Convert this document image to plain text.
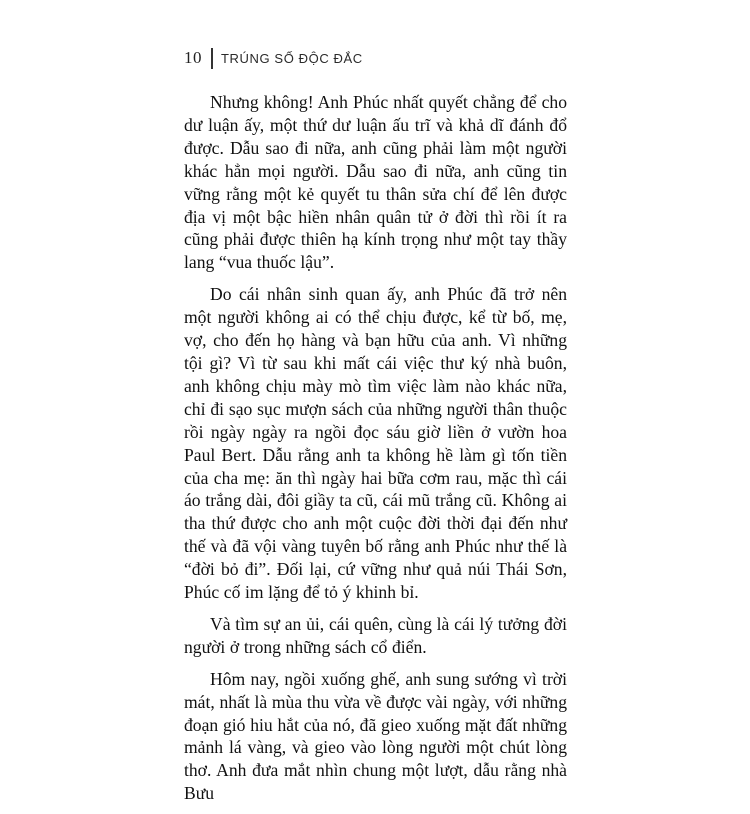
10 TRÚNG SỐ ĐỘC ĐẮC

Nhưng không! Anh Phúc nhất quyết chẳng để cho dư luận ấy, một thứ dư luận ấu trĩ và khả dĩ đánh đổ được. Dẫu sao đi nữa, anh cũng phải làm một người khác hẳn mọi người. Dẫu sao đi nữa, anh cũng tin vững rằng một kẻ quyết tu thân sửa chí để lên được địa vị một bậc hiền nhân quân tử ở đời thì rồi ít ra cũng phải được thiên hạ kính trọng như một tay thầy lang “vua thuốc lậu”.

Do cái nhân sinh quan ấy, anh Phúc đã trở nên một người không ai có thể chịu được, kể từ bố, mẹ, vợ, cho đến họ hàng và bạn hữu của anh. Vì những tội gì? Vì từ sau khi mất cái việc thư ký nhà buôn, anh không chịu mày mò tìm việc làm nào khác nữa, chỉ đi sạo sục mượn sách của những người thân thuộc rồi ngày ngày ra ngồi đọc sáu giờ liền ở vườn hoa Paul Bert. Dẫu rằng anh ta không hề làm gì tốn tiền của cha mẹ: ăn thì ngày hai bữa cơm rau, mặc thì cái áo trắng dài, đôi giầy ta cũ, cái mũ trắng cũ. Không ai tha thứ được cho anh một cuộc đời thời đại đến như thế và đã vội vàng tuyên bố rằng anh Phúc như thế là “đời bỏ đi”. Đối lại, cứ vững như quả núi Thái Sơn, Phúc cố im lặng để tỏ ý khinh bỉ.

Và tìm sự an ủi, cái quên, cùng là cái lý tưởng đời người ở trong những sách cổ điển.

Hôm nay, ngồi xuống ghế, anh sung sướng vì trời mát, nhất là mùa thu vừa về được vài ngày, với những đoạn gió hiu hắt của nó, đã gieo xuống mặt đất những mảnh lá vàng, và gieo vào lòng người một chút lòng thơ. Anh đưa mắt nhìn chung một lượt, dẫu rằng nhà Bưu
